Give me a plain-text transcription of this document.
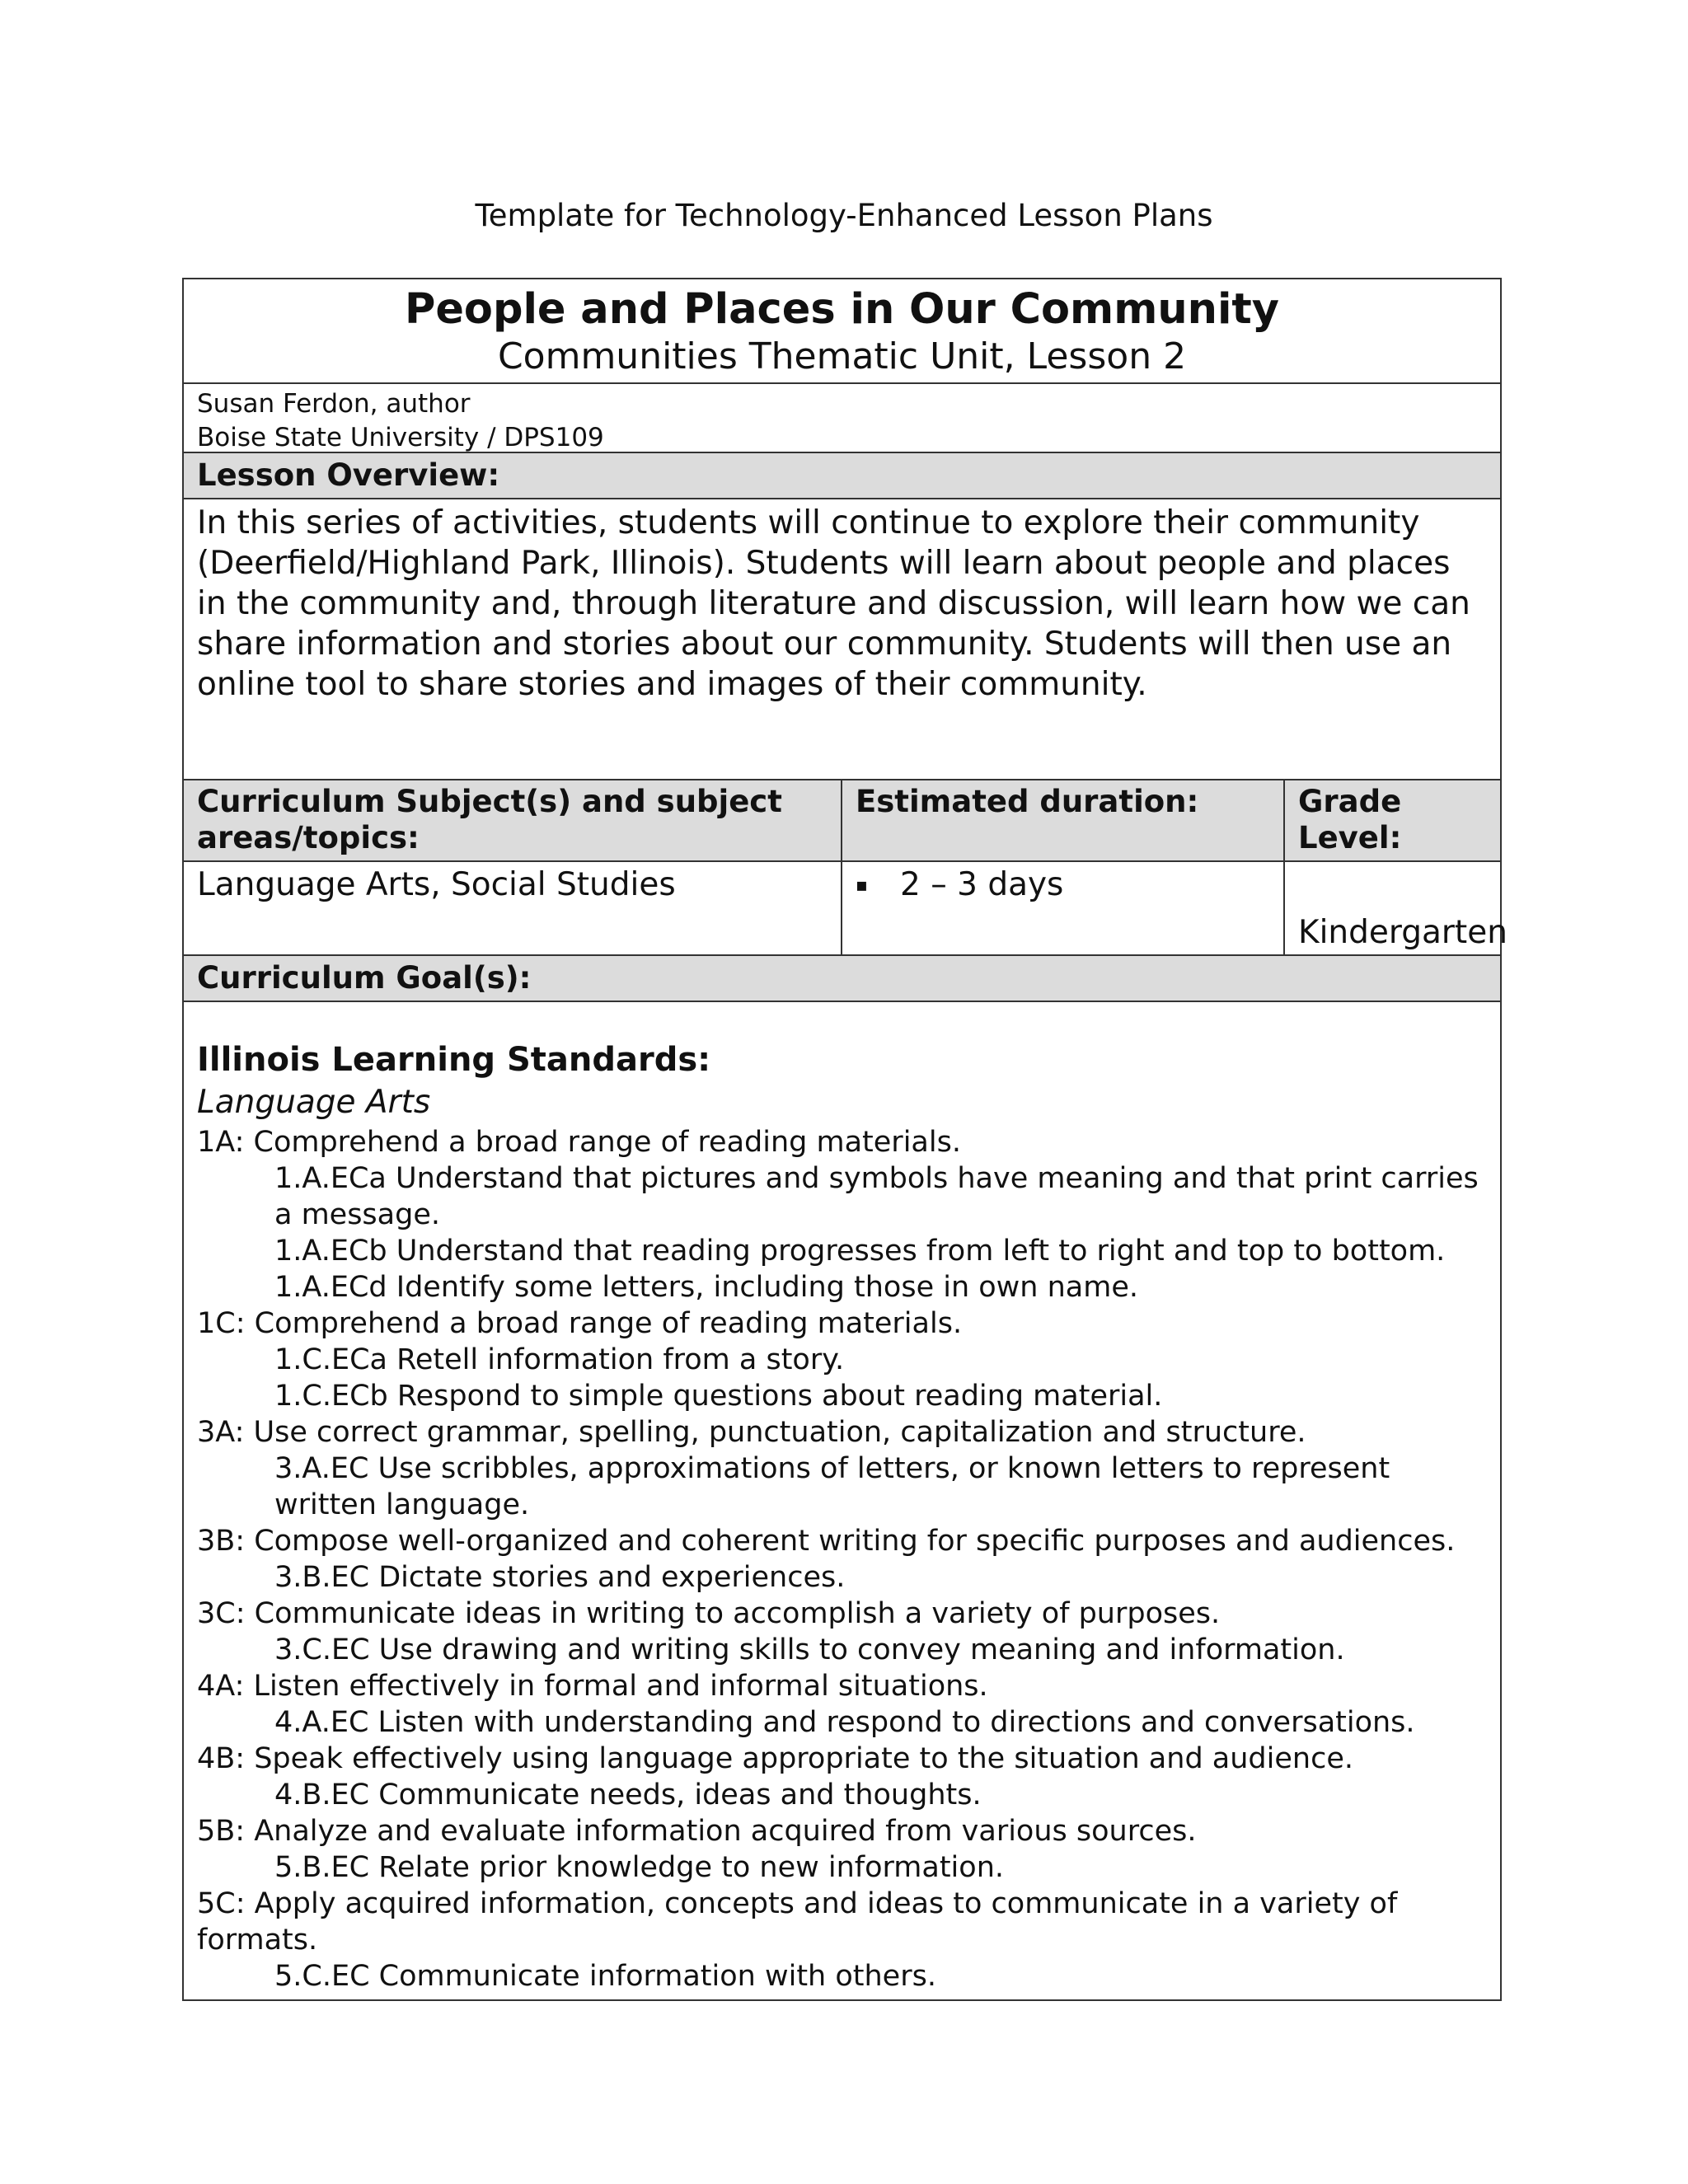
Template for Technology-Enhanced Lesson Plans
People and Places in Our Community
Communities Thematic Unit, Lesson 2
Susan Ferdon, author
Boise State University / DPS109
Lesson Overview:
In this series of activities, students will continue to explore their community (Deerfield/Highland Park, Illinois). Students will learn about people and places in the community and, through literature and discussion, will learn how we can share information and stories about our community. Students will then use an online tool to share stories and images of their community.
Curriculum Subject(s) and subject areas/topics:
Estimated duration:	Grade Level:
Language Arts, Social Studies	▪ 2 – 3 days
Kindergarten
Curriculum Goal(s):
Illinois Learning Standards:
Language Arts
1A: Comprehend a broad range of reading materials.
1.A.ECa Understand that pictures and symbols have meaning and that print carries a message.
1.A.ECb Understand that reading progresses from left to right and top to bottom.
1.A.ECd Identify some letters, including those in own name.
1C: Comprehend a broad range of reading materials.
1.C.ECa Retell information from a story.
1.C.ECb Respond to simple questions about reading material.
3A: Use correct grammar, spelling, punctuation, capitalization and structure.
3.A.EC Use scribbles, approximations of letters, or known letters to represent written language.
3B: Compose well-organized and coherent writing for specific purposes and audiences.
3.B.EC Dictate stories and experiences.
3C: Communicate ideas in writing to accomplish a variety of purposes.
3.C.EC Use drawing and writing skills to convey meaning and information.
4A: Listen effectively in formal and informal situations.
4.A.EC Listen with understanding and respond to directions and conversations.
4B: Speak effectively using language appropriate to the situation and audience.
4.B.EC Communicate needs, ideas and thoughts.
5B: Analyze and evaluate information acquired from various sources.
5.B.EC Relate prior knowledge to new information.
5C: Apply acquired information, concepts and ideas to communicate in a variety of formats.
5.C.EC Communicate information with others.
